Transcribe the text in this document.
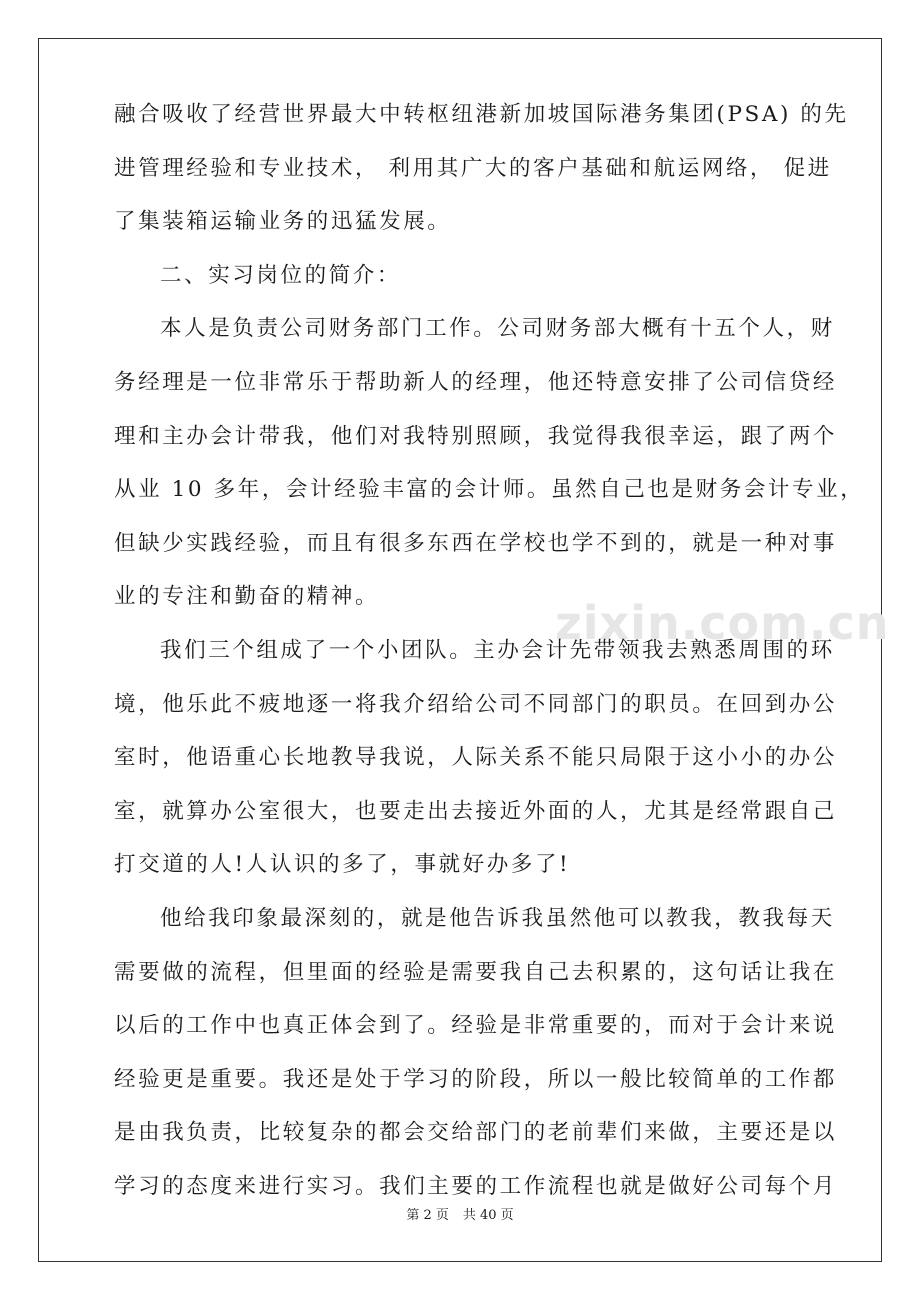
zixin.com.cn
融合吸收了经营世界最大中转枢纽港新加坡国际港务集团(PSA) 的先
进管理经验和专业技术， 利用其广大的客户基础和航运网络， 促进
了集装箱运输业务的迅猛发展。
二、实习岗位的简介：
本人是负责公司财务部门工作。公司财务部大概有十五个人，财
务经理是一位非常乐于帮助新人的经理，他还特意安排了公司信贷经
理和主办会计带我，他们对我特别照顾，我觉得我很幸运，跟了两个
从业 10 多年，会计经验丰富的会计师。虽然自己也是财务会计专业，
但缺少实践经验，而且有很多东西在学校也学不到的，就是一种对事
业的专注和勤奋的精神。
我们三个组成了一个小团队。主办会计先带领我去熟悉周围的环
境，他乐此不疲地逐一将我介绍给公司不同部门的职员。在回到办公
室时，他语重心长地教导我说，人际关系不能只局限于这小小的办公
室，就算办公室很大，也要走出去接近外面的人，尤其是经常跟自己
打交道的人!人认识的多了，事就好办多了!
他给我印象最深刻的，就是他告诉我虽然他可以教我，教我每天
需要做的流程，但里面的经验是需要我自己去积累的，这句话让我在
以后的工作中也真正体会到了。经验是非常重要的，而对于会计来说
经验更是重要。我还是处于学习的阶段，所以一般比较简单的工作都
是由我负责，比较复杂的都会交给部门的老前辈们来做，主要还是以
学习的态度来进行实习。我们主要的工作流程也就是做好公司每个月
第 2 页 共 40 页
